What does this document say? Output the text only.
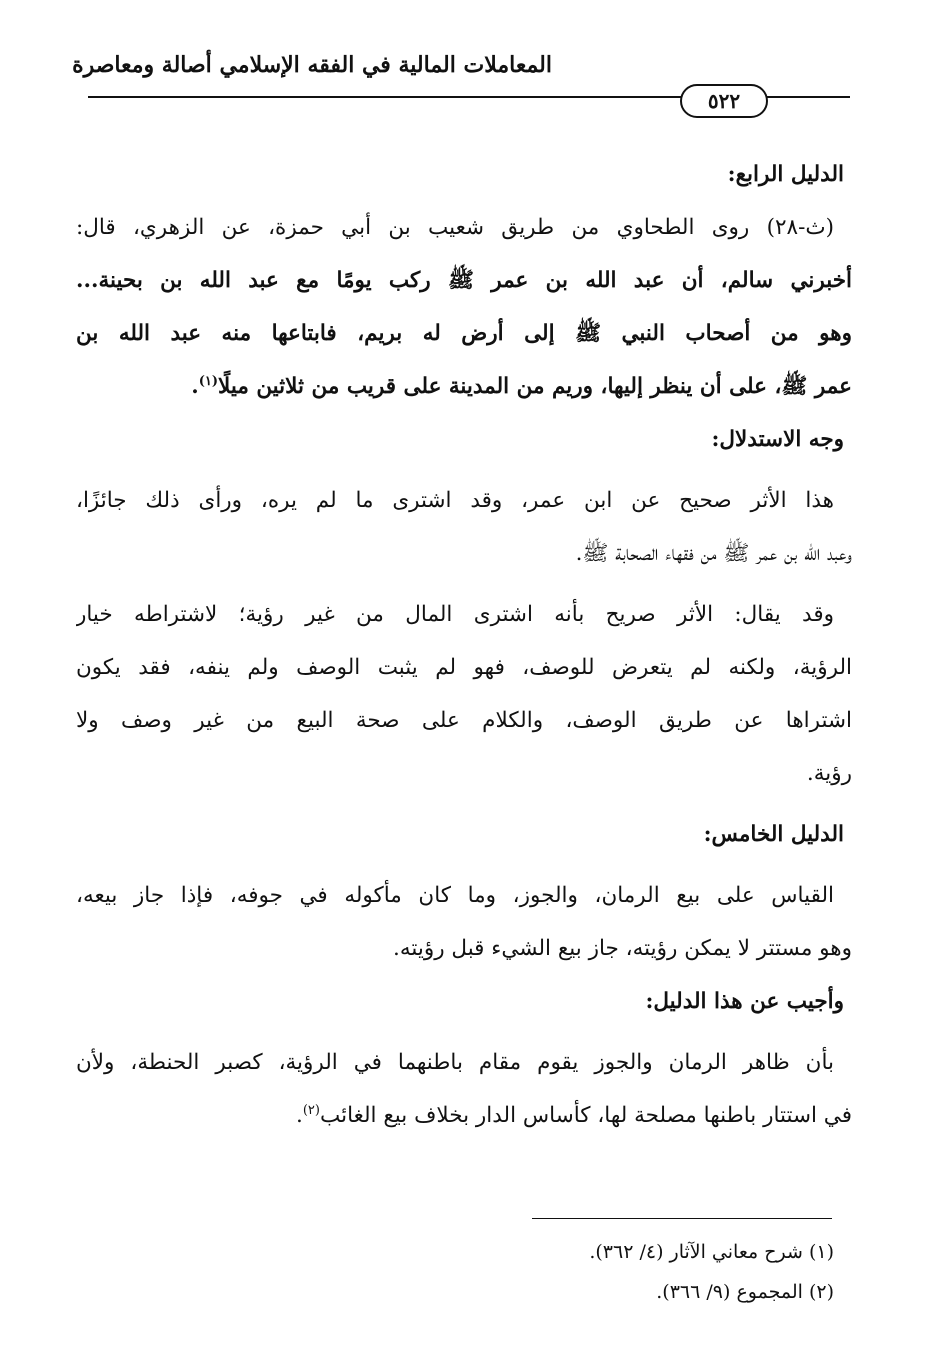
المعاملات المالية في الفقه الإسلامي أصالة ومعاصرة
٥٢٢
الدليل الرابع:
(ث-٢٨) روى الطحاوي من طريق شعيب بن أبي حمزة، عن الزهري، قال:
أخبرني سالم، أن عبد الله بن عمر ﷺ ركب يومًا مع عبد الله بن بحينة...
وهو من أصحاب النبي ﷺ إلى أرض له بريم، فابتاعها منه عبد الله بن
عمر ﷺ، على أن ينظر إليها، وريم من المدينة على قريب من ثلاثين ميلًا$^{(١)}$.
وجه الاستدلال:
هذا الأثر صحيح عن ابن عمر، وقد اشترى ما لم يره، ورأى ذلك جائزًا،
وعبد الله بن عمر ﷺ من فقهاء الصحابة ﷺ.
وقد يقال: الأثر صريح بأنه اشترى المال من غير رؤية؛ لاشتراطه خيار
الرؤية، ولكنه لم يتعرض للوصف، فهو لم يثبت الوصف ولم ينفه، فقد يكون
اشتراها عن طريق الوصف، والكلام على صحة البيع من غير وصف ولا
رؤية.
الدليل الخامس:
القياس على بيع الرمان، والجوز، وما كان مأكوله في جوفه، فإذا جاز بيعه،
وهو مستتر لا يمكن رؤيته، جاز بيع الشيء قبل رؤيته.
وأجيب عن هذا الدليل:
بأن ظاهر الرمان والجوز يقوم مقام باطنهما في الرؤية، كصبر الحنطة، ولأن
في استتار باطنها مصلحة لها، كأساس الدار بخلاف بيع الغائب$^{(٢)}$.
(١) شرح معاني الآثار (٤/ ٣٦٢).
(٢) المجموع (٩/ ٣٦٦).
